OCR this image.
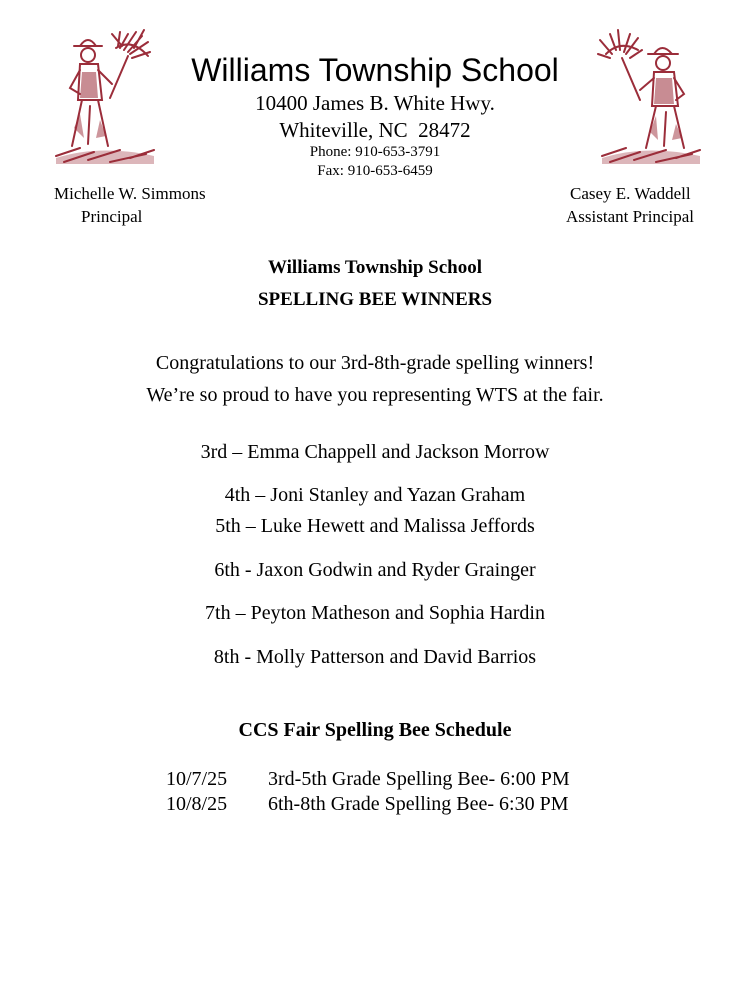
Williams Township School
10400 James B. White Hwy.
Whiteville, NC  28472
Phone: 910-653-3791
Fax: 910-653-6459
Michelle W. Simmons
Principal
Casey E. Waddell
Assistant Principal
Williams Township School
SPELLING BEE WINNERS
Congratulations to our 3rd-8th-grade spelling winners!
We’re so proud to have you representing WTS at the fair.
3rd – Emma Chappell and Jackson Morrow
4th – Joni Stanley and Yazan Graham
5th – Luke Hewett and Malissa Jeffords
6th - Jaxon Godwin and Ryder Grainger
7th – Peyton Matheson and Sophia Hardin
8th - Molly Patterson and David Barrios
CCS Fair Spelling Bee Schedule
10/7/25 3rd-5th Grade Spelling Bee- 6:00 PM
10/8/25 6th-8th Grade Spelling Bee- 6:30 PM
